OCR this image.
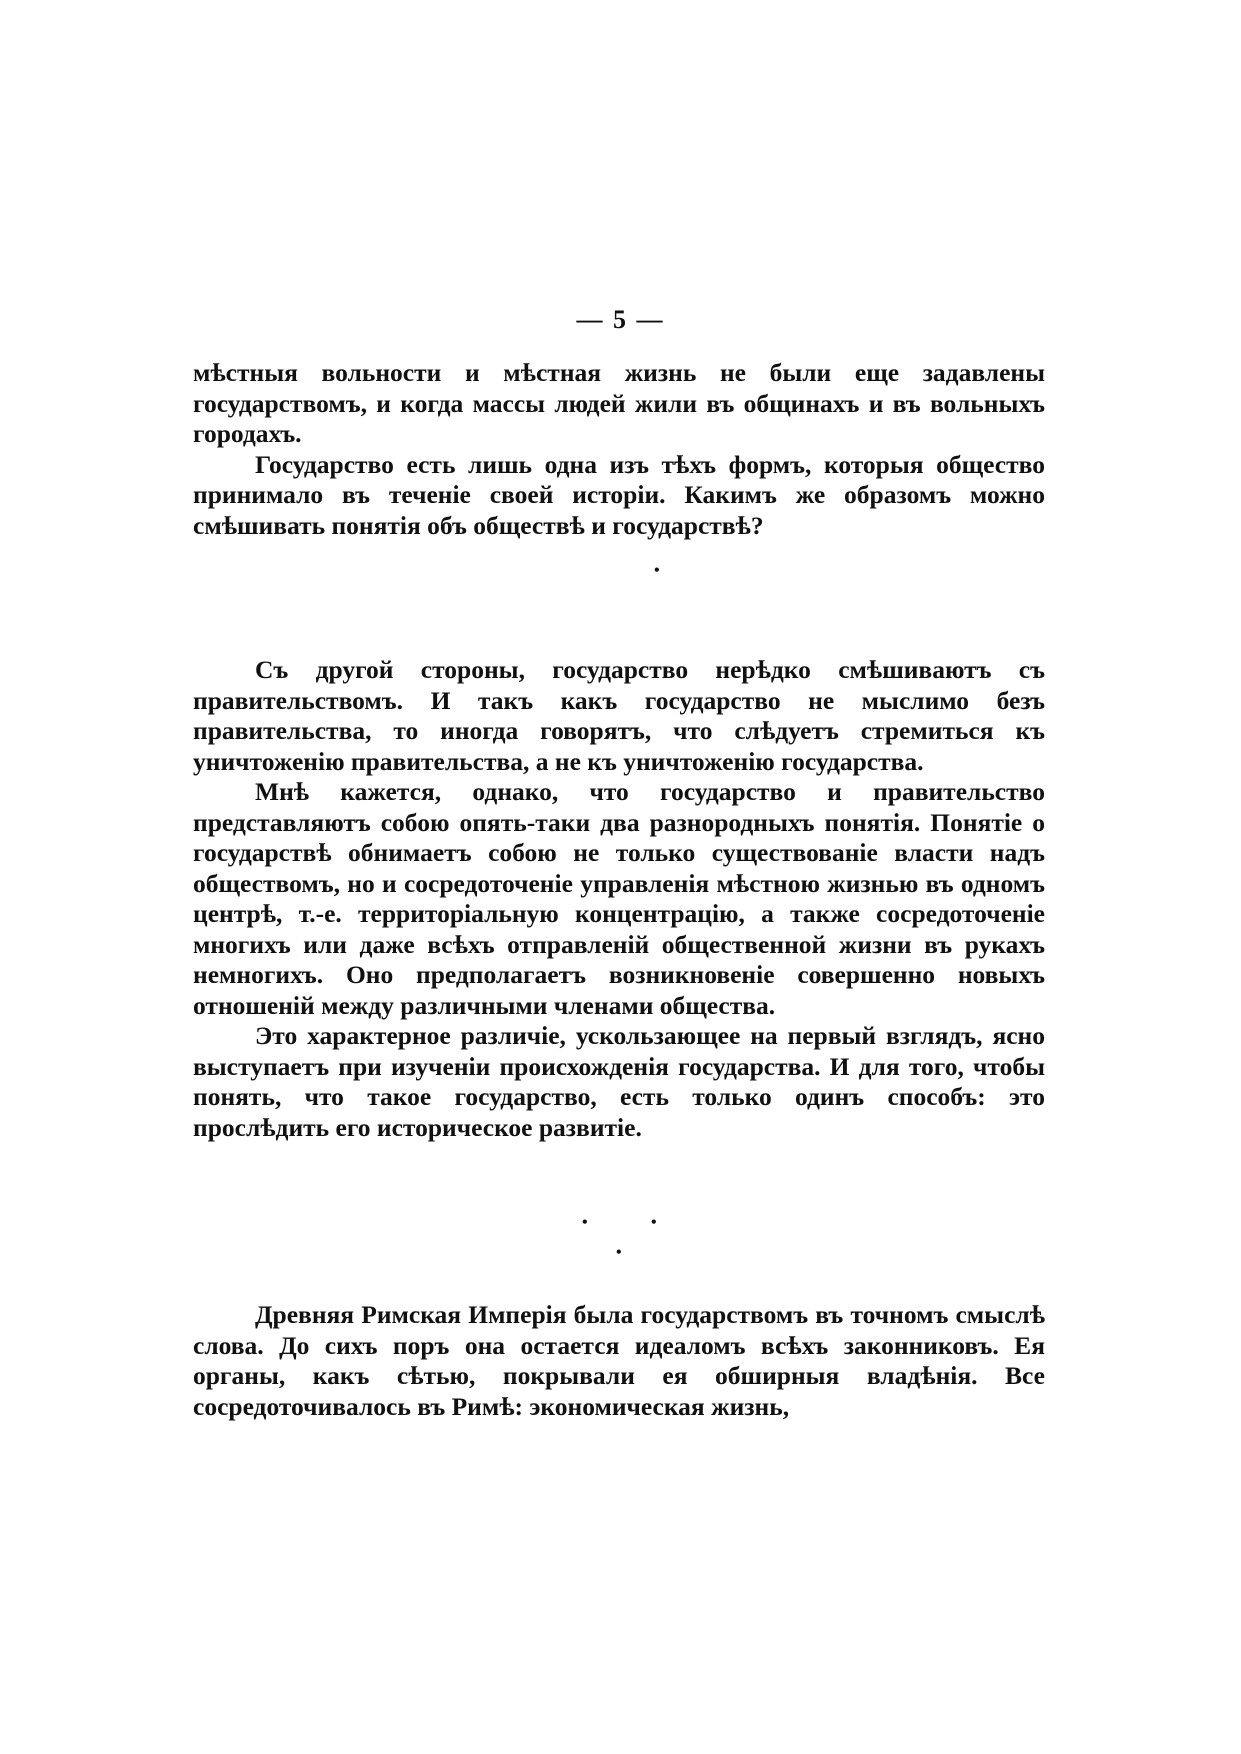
— 5 —

мѣстныя вольности и мѣстная жизнь не были еще задавлены государствомъ, и когда массы людей жили въ общинахъ и въ вольныхъ городахъ.

Государство есть лишь одна изъ тѣхъ формъ, которыя общество принимало въ теченіе своей исторіи. Какимъ же образомъ можно смѣшивать понятія объ обществѣ и государствѣ?

•

Съ другой стороны, государство нерѣдко смѣшиваютъ съ правительствомъ. И такъ какъ государство не мыслимо безъ правительства, то иногда говорятъ, что слѣдуетъ стремиться къ уничтоженію правительства, а не къ уничтоженію государства.

Мнѣ кажется, однако, что государство и правительство представляютъ собою опять-таки два разнородныхъ понятія. Понятіе о государствѣ обнимаетъ собою не только существованіе власти надъ обществомъ, но и сосредоточеніе управленія мѣстною жизнью въ одномъ центрѣ, т.-е. территоріальную концентрацію, а также сосредоточеніе многихъ или даже всѣхъ отправленій общественной жизни въ рукахъ немногихъ. Оно предполагаетъ возникновеніе совершенно новыхъ отношеній между различными членами общества.

Это характерное различіе, ускользающее на первый взглядъ, ясно выступаетъ при изученіи происхожденія государства. И для того, чтобы понять, что такое государство, есть только одинъ способъ: это прослѣдить его историческое развитіе.

•	•
•

Древняя Римская Имперія была государствомъ въ точномъ смыслѣ слова. До сихъ поръ она остается идеаломъ всѣхъ законниковъ. Ея органы, какъ сѣтью, покрывали ея обширныя владѣнія. Все сосредоточивалось въ Римѣ: экономическая жизнь,
